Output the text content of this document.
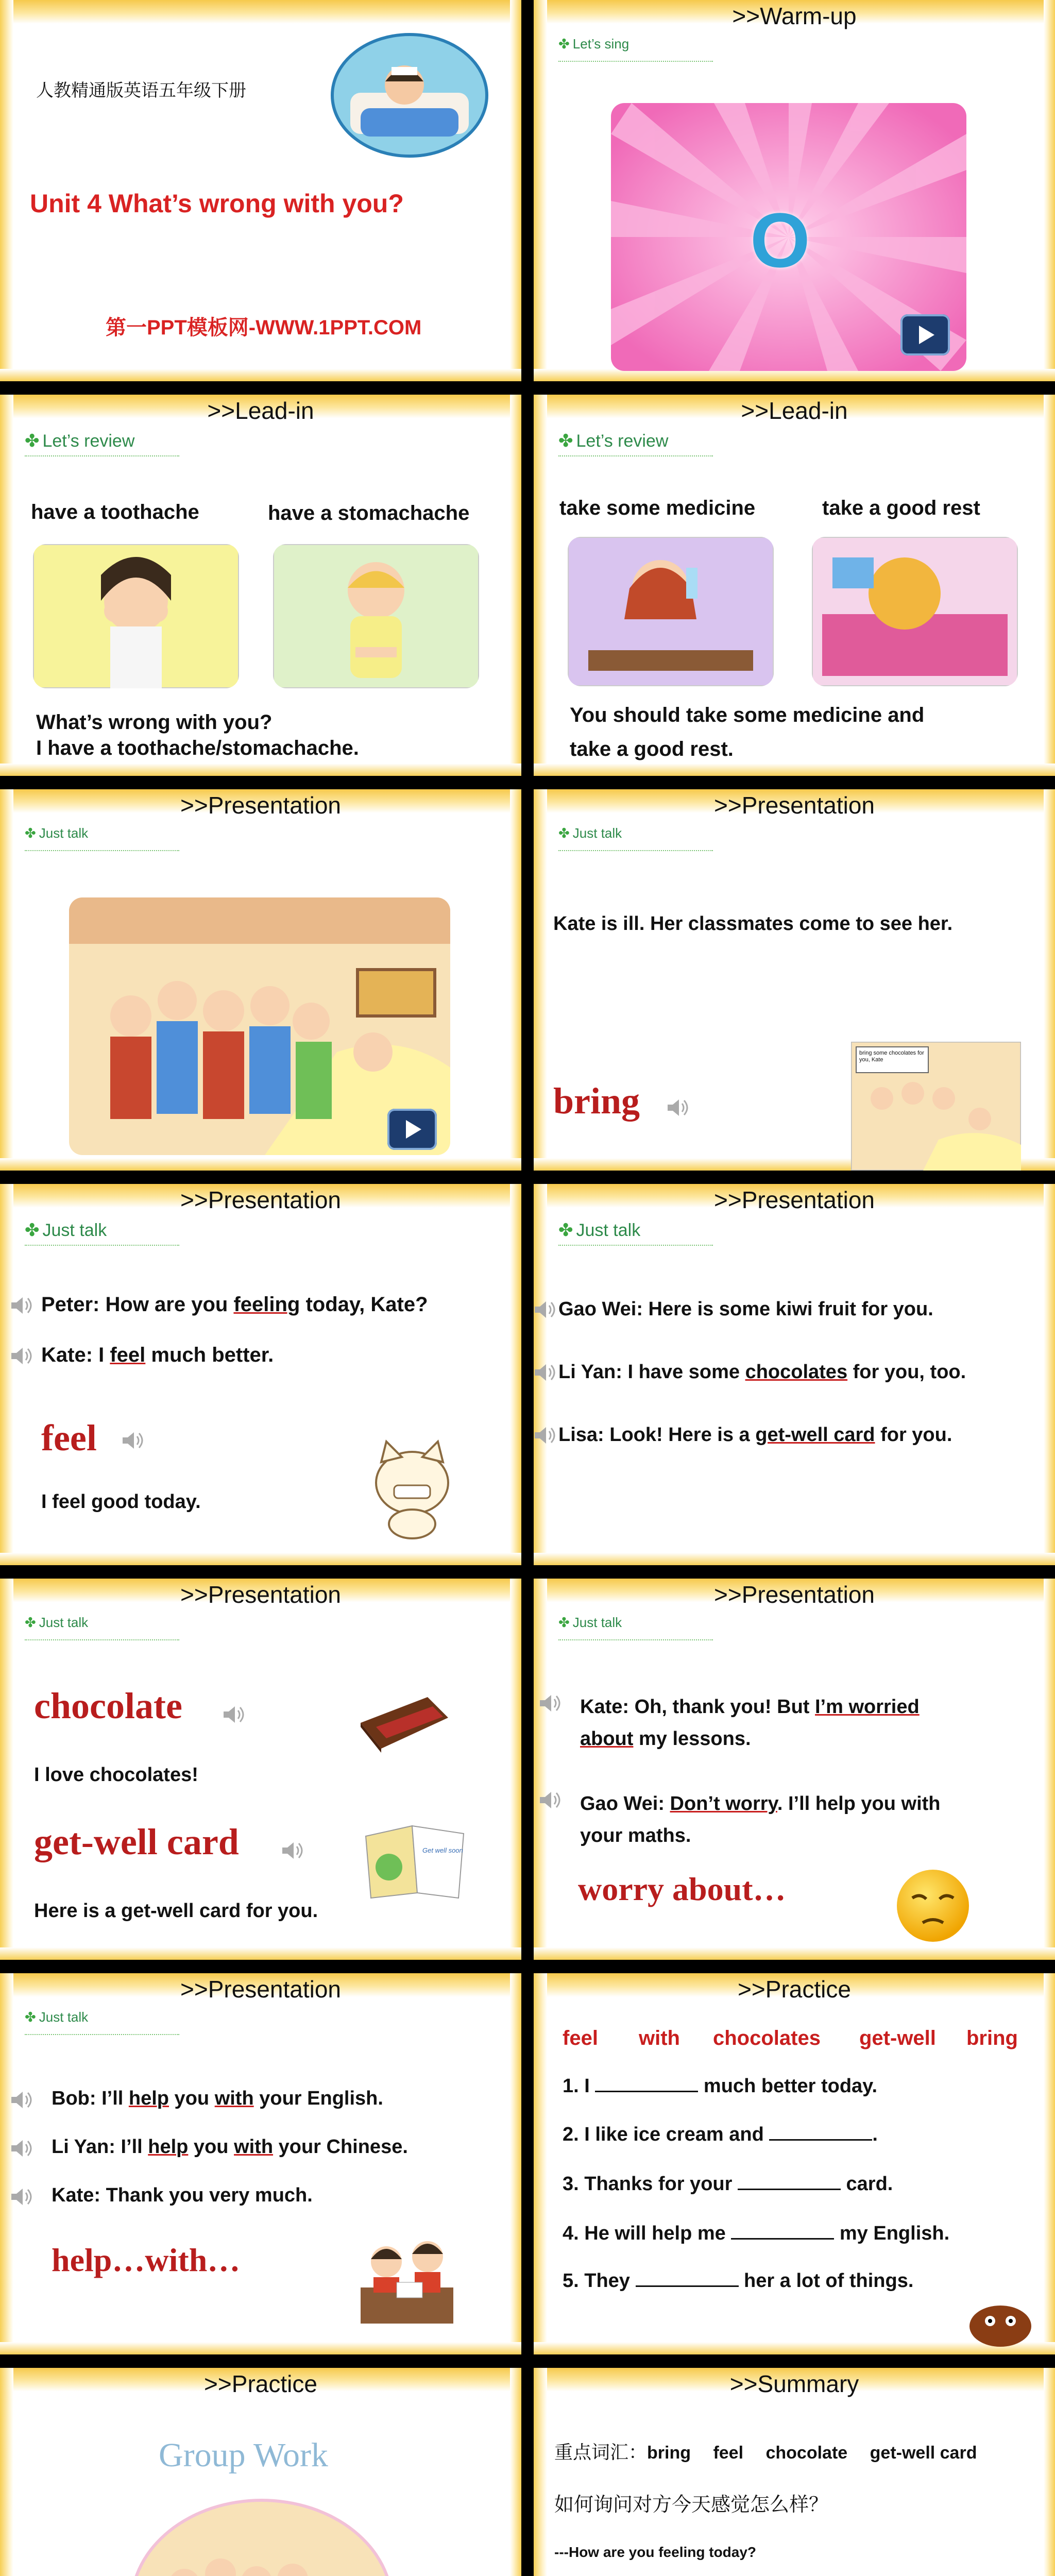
人教精通版英语五年级下册
Unit 4 What’s wrong with you?
第一PPT模板网-WWW.1PPT.COM
>>Warm-up
✤ Let’s sing
O
>>Lead-in
✤ Let’s review
have a toothache	have a stomachache
What’s wrong with you?
I have a toothache/stomachache.
>>Lead-in
✤ Let’s review
take some medicine	take a good rest
You should take some medicine and
take a good rest.
>>Presentation
✤ Just talk
>>Presentation
✤ Just talk
Kate is ill. Her classmates come to see her.
bring
bring some chocolates for you, Kate
>>Presentation
✤ Just talk
Peter: How are you feeling today, Kate?
Kate: I feel much better.
feel
I feel good today.
>>Presentation
✤ Just talk
Gao Wei: Here is some kiwi fruit for you.
Li Yan: I have some chocolates for you, too.
Lisa: Look! Here is a get-well card for you.
>>Presentation
✤ Just talk
chocolate
I love chocolates!
get-well card	Get well soon
Here is a get-well card for you.
>>Presentation
✤ Just talk
Kate: Oh, thank you! But I’m worried
about my lessons.
Gao Wei: Don’t worry. I’ll help you with
your maths.
worry about…
>>Presentation
✤ Just talk
Bob: I’ll help you with your English.
Li Yan: I’ll help you with your Chinese.
Kate: Thank you very much.
help…with…
>>Practice
feel with chocolates get-well bring
1. I	much better today.
2. I like ice cream and	.
3. Thanks for your	card.
4. He will help me	my English.
5. They	her a lot of things.
>>Practice
Group Work
>>Summary
重点词汇：bring　 feel　 chocolate　 get-well card
如何询问对方今天感觉怎么样？
---How are you feeling today?
